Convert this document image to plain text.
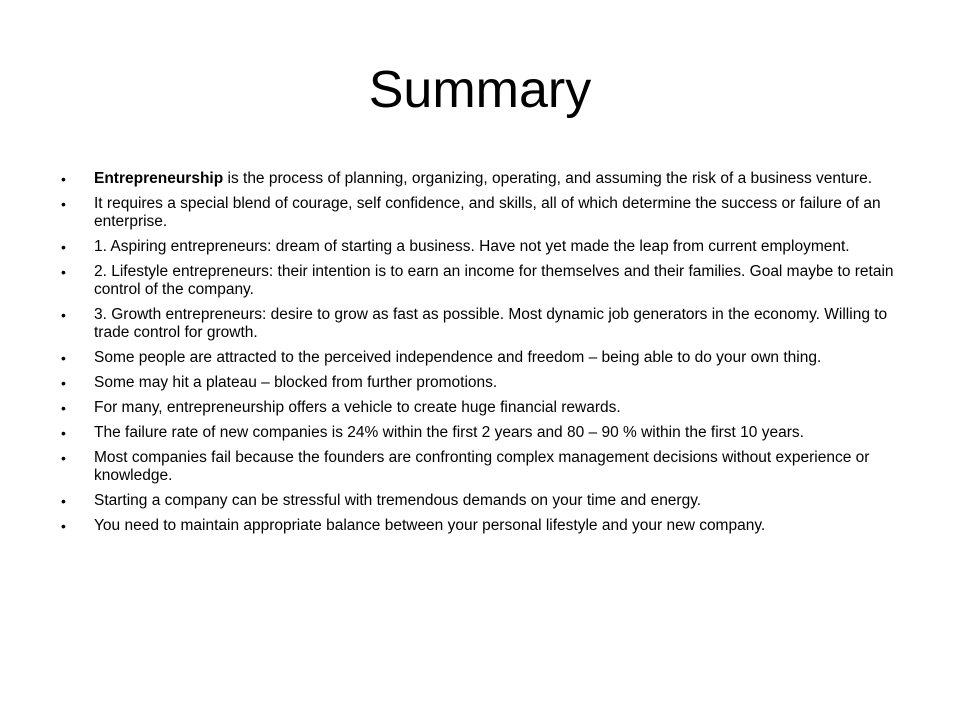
Summary
• Entrepreneurship is the process of planning, organizing, operating, and assuming the risk of a business venture.
• It requires a special blend of courage, self confidence, and skills, all of which determine the success or failure of an enterprise.
• 1. Aspiring entrepreneurs: dream of starting a business. Have not yet made the leap from current employment.
• 2. Lifestyle entrepreneurs: their intention is to earn an income for themselves and their families. Goal maybe to retain control of the company.
• 3. Growth entrepreneurs: desire to grow as fast as possible. Most dynamic job generators in the economy. Willing to trade control for growth.
• Some people are attracted to the perceived independence and freedom – being able to do your own thing.
• Some may hit a plateau – blocked from further promotions.
• For many, entrepreneurship offers a vehicle to create huge financial rewards.
• The failure rate of new companies is 24% within the first 2 years and 80 – 90 % within the first 10 years.
• Most companies fail because the founders are confronting complex management decisions without experience or knowledge.
• Starting a company can be stressful with tremendous demands on your time and energy.
• You need to maintain appropriate balance between your personal lifestyle and your new company.
